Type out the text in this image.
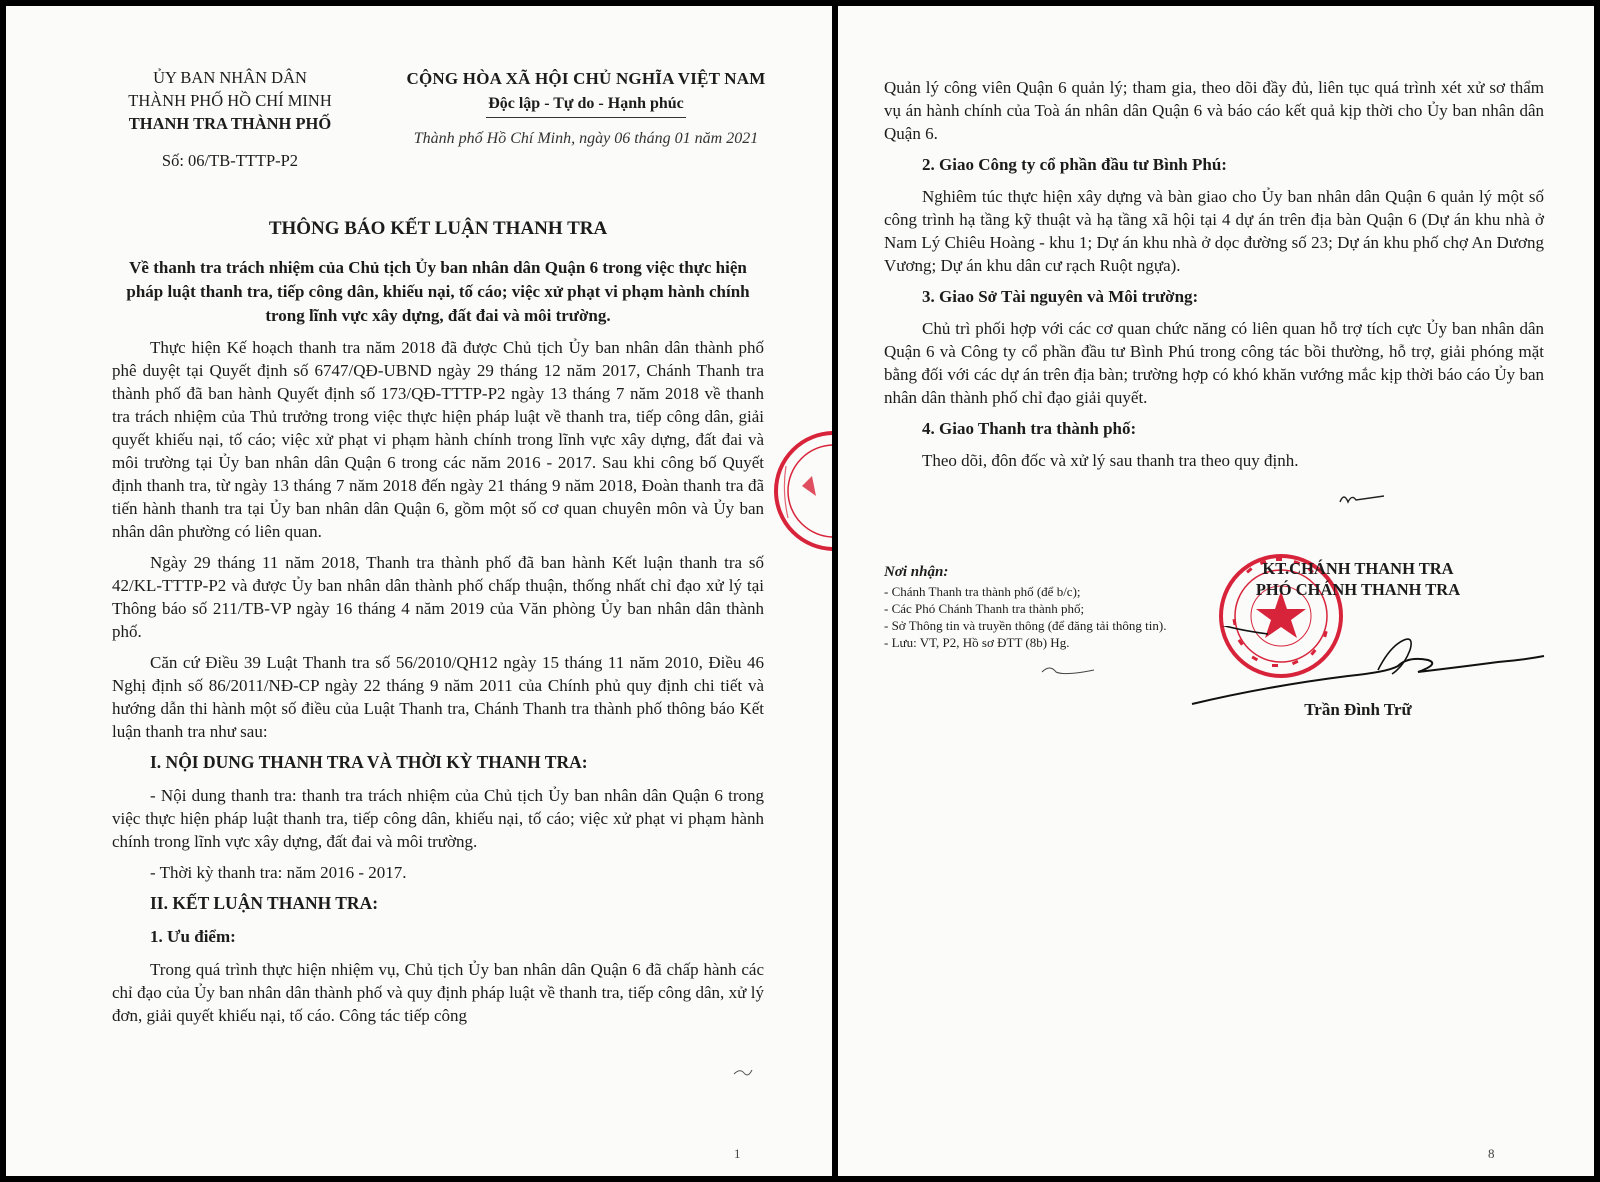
ỦY BAN NHÂN DÂN
THÀNH PHỐ HỒ CHÍ MINH
THANH TRA THÀNH PHỐ
Số: 06/TB-TTTP-P2
CỘNG HÒA XÃ HỘI CHỦ NGHĨA VIỆT NAM
Độc lập - Tự do - Hạnh phúc
Thành phố Hồ Chí Minh, ngày 06 tháng 01 năm 2021
THÔNG BÁO KẾT LUẬN THANH TRA
Về thanh tra trách nhiệm của Chủ tịch Ủy ban nhân dân Quận 6 trong việc thực hiện pháp luật thanh tra, tiếp công dân, khiếu nại, tố cáo; việc xử phạt vi phạm hành chính trong lĩnh vực xây dựng, đất đai và môi trường.

Thực hiện Kế hoạch thanh tra năm 2018 đã được Chủ tịch Ủy ban nhân dân thành phố phê duyệt tại Quyết định số 6747/QĐ-UBND ngày 29 tháng 12 năm 2017, Chánh Thanh tra thành phố đã ban hành Quyết định số 173/QĐ-TTTP-P2 ngày 13 tháng 7 năm 2018 về thanh tra trách nhiệm của Thủ trưởng trong việc thực hiện pháp luật về thanh tra, tiếp công dân, giải quyết khiếu nại, tố cáo; việc xử phạt vi phạm hành chính trong lĩnh vực xây dựng, đất đai và môi trường tại Ủy ban nhân dân Quận 6 trong các năm 2016 - 2017. Sau khi công bố Quyết định thanh tra, từ ngày 13 tháng 7 năm 2018 đến ngày 21 tháng 9 năm 2018, Đoàn thanh tra đã tiến hành thanh tra tại Ủy ban nhân dân Quận 6, gồm một số cơ quan chuyên môn và Ủy ban nhân dân phường có liên quan.

Ngày 29 tháng 11 năm 2018, Thanh tra thành phố đã ban hành Kết luận thanh tra số 42/KL-TTTP-P2 và được Ủy ban nhân dân thành phố chấp thuận, thống nhất chỉ đạo xử lý tại Thông báo số 211/TB-VP ngày 16 tháng 4 năm 2019 của Văn phòng Ủy ban nhân dân thành phố.

Căn cứ Điều 39 Luật Thanh tra số 56/2010/QH12 ngày 15 tháng 11 năm 2010, Điều 46 Nghị định số 86/2011/NĐ-CP ngày 22 tháng 9 năm 2011 của Chính phủ quy định chi tiết và hướng dẫn thi hành một số điều của Luật Thanh tra, Chánh Thanh tra thành phố thông báo Kết luận thanh tra như sau:

I. NỘI DUNG THANH TRA VÀ THỜI KỲ THANH TRA:

- Nội dung thanh tra: thanh tra trách nhiệm của Chủ tịch Ủy ban nhân dân Quận 6 trong việc thực hiện pháp luật thanh tra, tiếp công dân, khiếu nại, tố cáo; việc xử phạt vi phạm hành chính trong lĩnh vực xây dựng, đất đai và môi trường.

- Thời kỳ thanh tra: năm 2016 - 2017.

II. KẾT LUẬN THANH TRA:
1. Ưu điểm:

Trong quá trình thực hiện nhiệm vụ, Chủ tịch Ủy ban nhân dân Quận 6 đã chấp hành các chỉ đạo của Ủy ban nhân dân thành phố và quy định pháp luật về thanh tra, tiếp công dân, xử lý đơn, giải quyết khiếu nại, tố cáo. Công tác tiếp công

1

Quản lý công viên Quận 6 quản lý; tham gia, theo dõi đầy đủ, liên tục quá trình xét xử sơ thẩm vụ án hành chính của Toà án nhân dân Quận 6 và báo cáo kết quả kịp thời cho Ủy ban nhân dân Quận 6.

2. Giao Công ty cổ phần đầu tư Bình Phú:

Nghiêm túc thực hiện xây dựng và bàn giao cho Ủy ban nhân dân Quận 6 quản lý một số công trình hạ tầng kỹ thuật và hạ tầng xã hội tại 4 dự án trên địa bàn Quận 6 (Dự án khu nhà ở Nam Lý Chiêu Hoàng - khu 1; Dự án khu nhà ở dọc đường số 23; Dự án khu phố chợ An Dương Vương; Dự án khu dân cư rạch Ruột ngựa).

3. Giao Sở Tài nguyên và Môi trường:

Chủ trì phối hợp với các cơ quan chức năng có liên quan hỗ trợ tích cực Ủy ban nhân dân Quận 6 và Công ty cổ phần đầu tư Bình Phú trong công tác bồi thường, hỗ trợ, giải phóng mặt bằng đối với các dự án trên địa bàn; trường hợp có khó khăn vướng mắc kịp thời báo cáo Ủy ban nhân dân thành phố chỉ đạo giải quyết.

4. Giao Thanh tra thành phố:

Theo dõi, đôn đốc và xử lý sau thanh tra theo quy định.

Nơi nhận:
- Chánh Thanh tra thành phố (để b/c);
- Các Phó Chánh Thanh tra thành phố;
- Sở Thông tin và truyền thông (để đăng tải thông tin).
- Lưu: VT, P2, Hồ sơ ĐTT (8b) Hg.
KT.CHÁNH THANH TRA
PHÓ CHÁNH THANH TRA
Trần Đình Trữ
8
